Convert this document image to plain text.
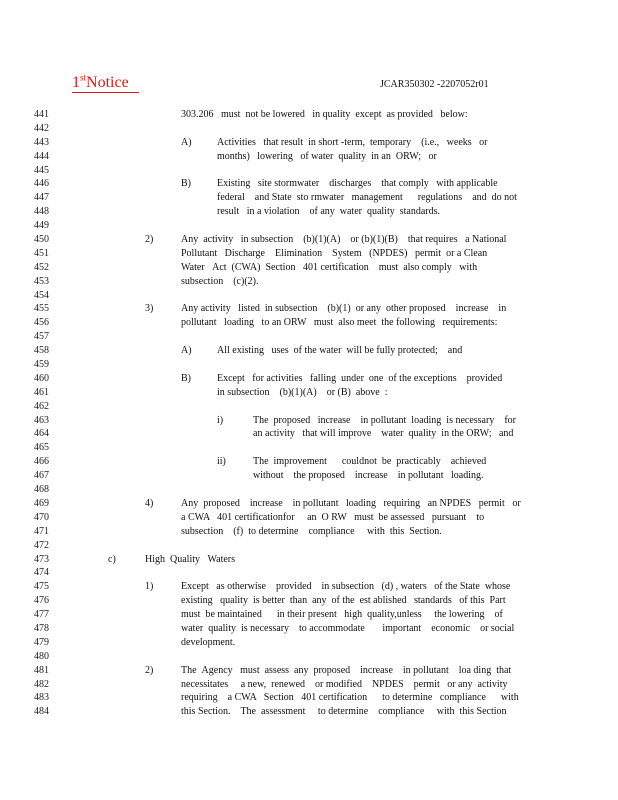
1stNotice	JCAR350302 -2207052r01
441	303.206   must  not be lowered   in quality  except  as provided   below:
442
443	A)	Activities   that result  in short -term,  temporary    (i.e.,   weeks   or
444	months)   lowering   of water  quality  in an  ORW;   or
445
446	B)	Existing   site stormwater    discharges    that comply   with applicable
447	federal    and State  sto rmwater   management      regulations    and  do not
448	result   in a violation    of any  water  quality  standards.
449
450	2)	Any  activity   in subsection    (b)(1)(A)    or (b)(1)(B)    that requires   a National
451	Pollutant   Discharge    Elimination    System   (NPDES)   permit  or a Clean
452	Water   Act  (CWA)  Section   401 certification    must  also comply   with
453	subsection    (c)(2).
454
455	3)	Any activity   listed  in subsection    (b)(1)  or any  other proposed    increase    in
456	pollutant   loading   to an ORW   must  also meet  the following   requirements:
457
458	A)	All existing   uses  of the water  will be fully protected;    and
459
460	B)	Except   for activities   falling  under  one  of the exceptions    provided
461	in subsection    (b)(1)(A)    or (B)  above  :
462
463	i)	The  proposed   increase    in pollutant  loading  is necessary    for
464	an activity   that will improve    water  quality  in the ORW;   and
465
466	ii)	The  improvement      couldnot  be  practicably    achieved
467	without    the proposed    increase    in pollutant   loading.
468
469	4)	Any  proposed    increase    in pollutant   loading   requiring   an NPDES   permit   or
470	a CWA   401 certificationfor     an  O RW   must  be assessed   pursuant    to
471	subsection    (f)  to determine    compliance     with  this  Section.
472
473	c)	High  Quality   Waters
474
475	1)	Except   as otherwise    provided    in subsection   (d) , waters   of the State  whose
476	existing   quality  is better  than  any  of the  est ablished   standards   of this  Part
477	must  be maintained      in their present   high  quality,unless     the lowering    of
478	water  quality  is necessary    to accommodate       important    economic    or social
479	development.
480
481	2)	The  Agency   must  assess  any  proposed    increase    in pollutant    loa ding  that
482	necessitates     a new,  renewed    or modified    NPDES    permit   or any  activity
483	requiring    a CWA   Section   401 certification      to determine   compliance      with
484	this Section.    The  assessment     to determine    compliance     with  this Section
